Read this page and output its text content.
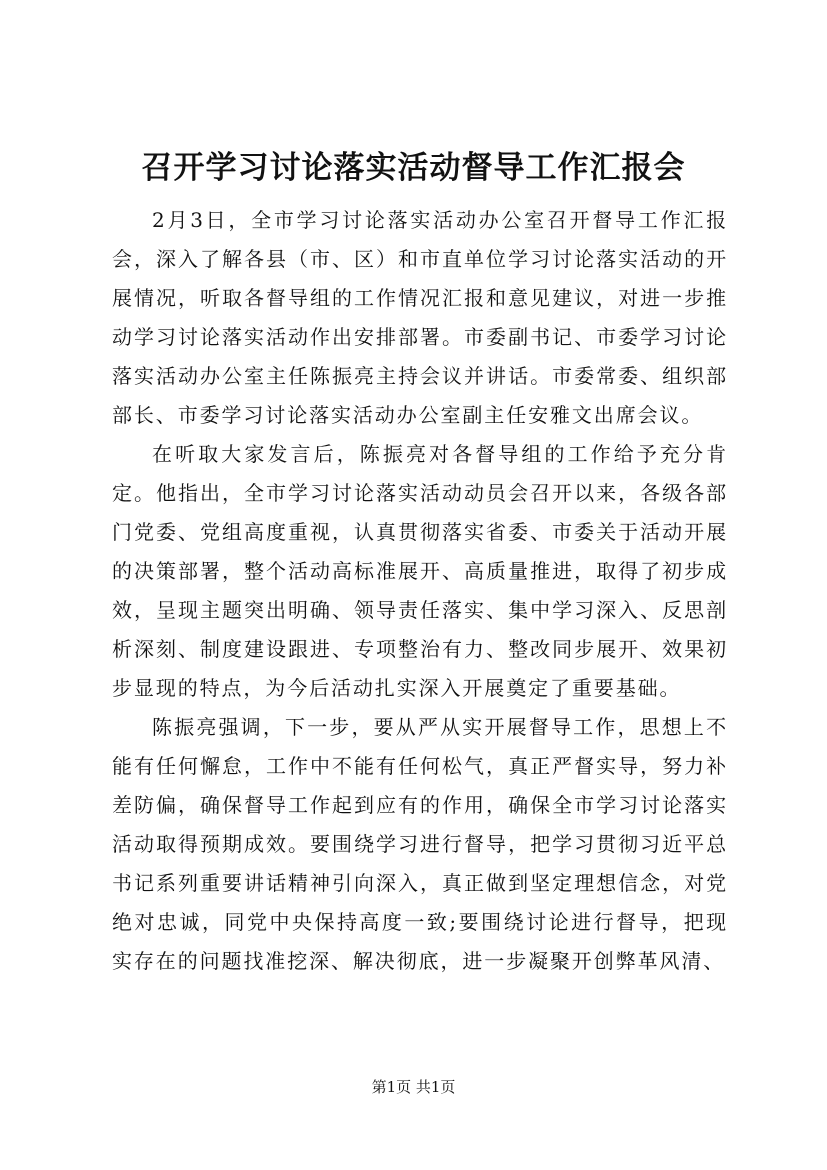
召开学习讨论落实活动督导工作汇报会

2月3日，全市学习讨论落实活动办公室召开督导工作汇报会，深入了解各县（市、区）和市直单位学习讨论落实活动的开展情况，听取各督导组的工作情况汇报和意见建议，对进一步推动学习讨论落实活动作出安排部署。市委副书记、市委学习讨论落实活动办公室主任陈振亮主持会议并讲话。市委常委、组织部部长、市委学习讨论落实活动办公室副主任安雅文出席会议。

在听取大家发言后，陈振亮对各督导组的工作给予充分肯定。他指出，全市学习讨论落实活动动员会召开以来，各级各部门党委、党组高度重视，认真贯彻落实省委、市委关于活动开展的决策部署，整个活动高标准展开、高质量推进，取得了初步成效，呈现主题突出明确、领导责任落实、集中学习深入、反思剖析深刻、制度建设跟进、专项整治有力、整改同步展开、效果初步显现的特点，为今后活动扎实深入开展奠定了重要基础。

陈振亮强调，下一步，要从严从实开展督导工作，思想上不能有任何懈怠，工作中不能有任何松气，真正严督实导，努力补差防偏，确保督导工作起到应有的作用，确保全市学习讨论落实活动取得预期成效。要围绕学习进行督导，把学习贯彻习近平总书记系列重要讲话精神引向深入，真正做到坚定理想信念，对党绝对忠诚，同党中央保持高度一致;要围绕讨论进行督导，把现实存在的问题找准挖深、解决彻底，进一步凝聚开创弊革风清、

第1页 共1页
